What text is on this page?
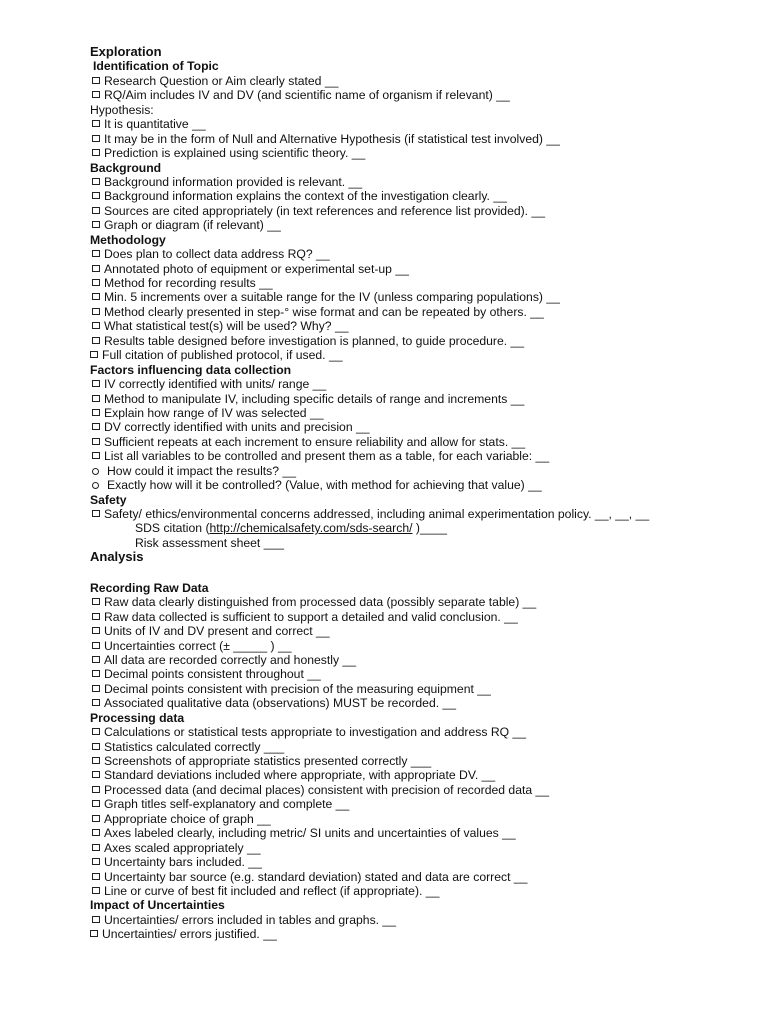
Exploration
Identification of Topic
Research Question or Aim clearly stated __
RQ/Aim includes IV and DV (and scientific name of organism if relevant) __
Hypothesis:
It is quantitative __
It may be in the form of Null and Alternative Hypothesis (if statistical test involved) __
Prediction is explained using scientific theory. __
Background
Background information provided is relevant. __
Background information explains the context of the investigation clearly. __
Sources are cited appropriately (in text references and reference list provided). __
Graph or diagram (if relevant) __
Methodology
Does plan to collect data address RQ? __
Annotated photo of equipment or experimental set-up __
Method for recording results __
Min. 5 increments over a suitable range for the IV (unless comparing populations) __
Method clearly presented in step-° wise format and can be repeated by others. __
What statistical test(s) will be used? Why? __
Results table designed before investigation is planned, to guide procedure. __
Full citation of published protocol, if used. __
Factors influencing data collection
IV correctly identified with units/ range __
Method to manipulate IV, including specific details of range and increments __
Explain how range of IV was selected __
DV correctly identified with units and precision __
Sufficient repeats at each increment to ensure reliability and allow for stats. __
List all variables to be controlled and present them as a table, for each variable: __
How could it impact the results? __
Exactly how will it be controlled? (Value, with method for achieving that value) __
Safety
Safety/ ethics/environmental concerns addressed, including animal experimentation policy. __, __, __
SDS citation (http://chemicalsafety.com/sds-search/ )____
Risk assessment sheet ___
Analysis
Recording Raw Data
Raw data clearly distinguished from processed data (possibly separate table) __
Raw data collected is sufficient to support a detailed and valid conclusion. __
Units of IV and DV present and correct __
Uncertainties correct (± _____ ) __
All data are recorded correctly and honestly __
Decimal points consistent throughout __
Decimal points consistent with precision of the measuring equipment __
Associated qualitative data (observations) MUST be recorded. __
Processing data
Calculations or statistical tests appropriate to investigation and address RQ __
Statistics calculated correctly ___
Screenshots of appropriate statistics presented correctly ___
Standard deviations included where appropriate, with appropriate DV. __
Processed data (and decimal places) consistent with precision of recorded data __
Graph titles self-explanatory and complete __
Appropriate choice of graph __
Axes labeled clearly, including metric/ SI units and uncertainties of values __
Axes scaled appropriately __
Uncertainty bars included. __
Uncertainty bar source (e.g. standard deviation) stated and data are correct __
Line or curve of best fit included and reflect (if appropriate). __
Impact of Uncertainties
Uncertainties/ errors included in tables and graphs. __
Uncertainties/ errors justified. __
